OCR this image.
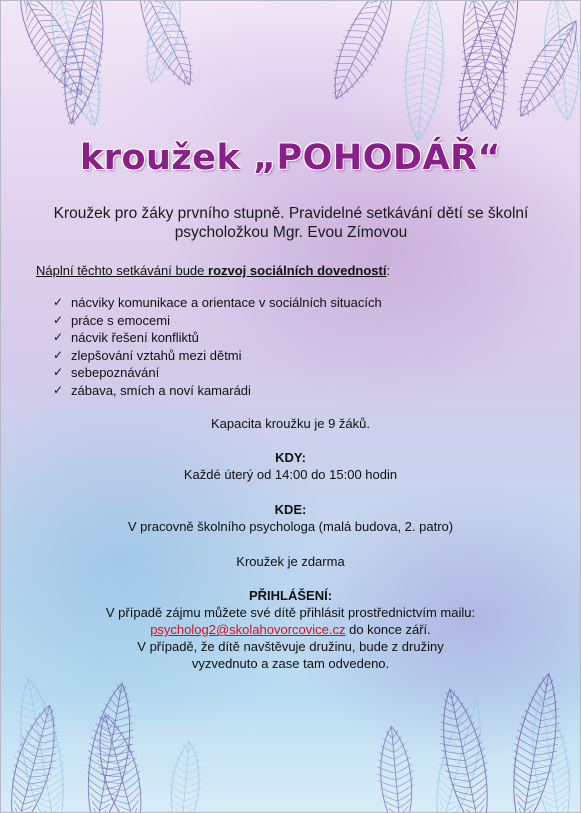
kroužek „POHODÁŘ“
Kroužek pro žáky prvního stupně. Pravidelné setkávání dětí se školní psycholožkou Mgr. Evou Zímovou
Náplní těchto setkávání bude rozvoj sociálních dovedností:
✓ nácviky komunikace a orientace v sociálních situacích
✓ práce s emocemi
✓ nácvik řešení konfliktů
✓ zlepšování vztahů mezi dětmi
✓ sebepoznávání
✓ zábava, smích a noví kamarádi
Kapacita kroužku je 9 žáků.
KDY:
Každé úterý od 14:00 do 15:00 hodin
KDE:
V pracovně školního psychologa (malá budova, 2. patro)
Kroužek je zdarma
PŘIHLÁŠENÍ:
V případě zájmu můžete své dítě přihlásit prostřednictvím mailu:
psycholog2@skolahovorcovice.cz do konce září.
V případě, že dítě navštěvuje družinu, bude z družiny
vyzvednuto a zase tam odvedeno.
